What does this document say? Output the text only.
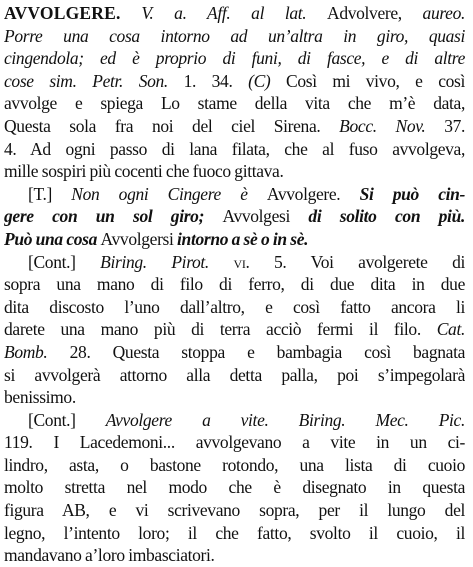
AVVOLGERE. V. a. Aff. al lat. Advolvere, aureo.
Porre una cosa intorno ad un’altra in giro, quasi
cingendola; ed è proprio di funi, di fasce, e di altre
cose sim. Petr. Son. 1. 34. (C) Così mi vivo, e così
avvolge e spiega Lo stame della vita che m’è data,
Questa sola fra noi del ciel Sirena. Bocc. Nov. 37.
4. Ad ogni passo di lana filata, che al fuso avvolgeva,
mille sospiri più cocenti che fuoco gittava.
[T.] Non ogni Cingere è Avvolgere. Si può cin-
gere con un sol giro; Avvolgesi di solito con più.
Può una cosa Avvolgersi intorno a sè o in sè.
[Cont.] Biring. Pirot. vi. 5. Voi avolgerete di
sopra una mano di filo di ferro, di due dita in due
dita discosto l’uno dall’altro, e così fatto ancora li
darete una mano più di terra acciò fermi il filo. Cat.
Bomb. 28. Questa stoppa e bambagia così bagnata
si avvolgerà attorno alla detta palla, poi s’impegolarà
benissimo.
[Cont.] Avvolgere a vite. Biring. Mec. Pic.
119. I Lacedemoni... avvolgevano a vite in un ci-
lindro, asta, o bastone rotondo, una lista di cuoio
molto stretta nel modo che è disegnato in questa
figura AB, e vi scrivevano sopra, per il lungo del
legno, l’intento loro; il che fatto, svolto il cuoio, il
mandavano a’loro imbasciatori.
